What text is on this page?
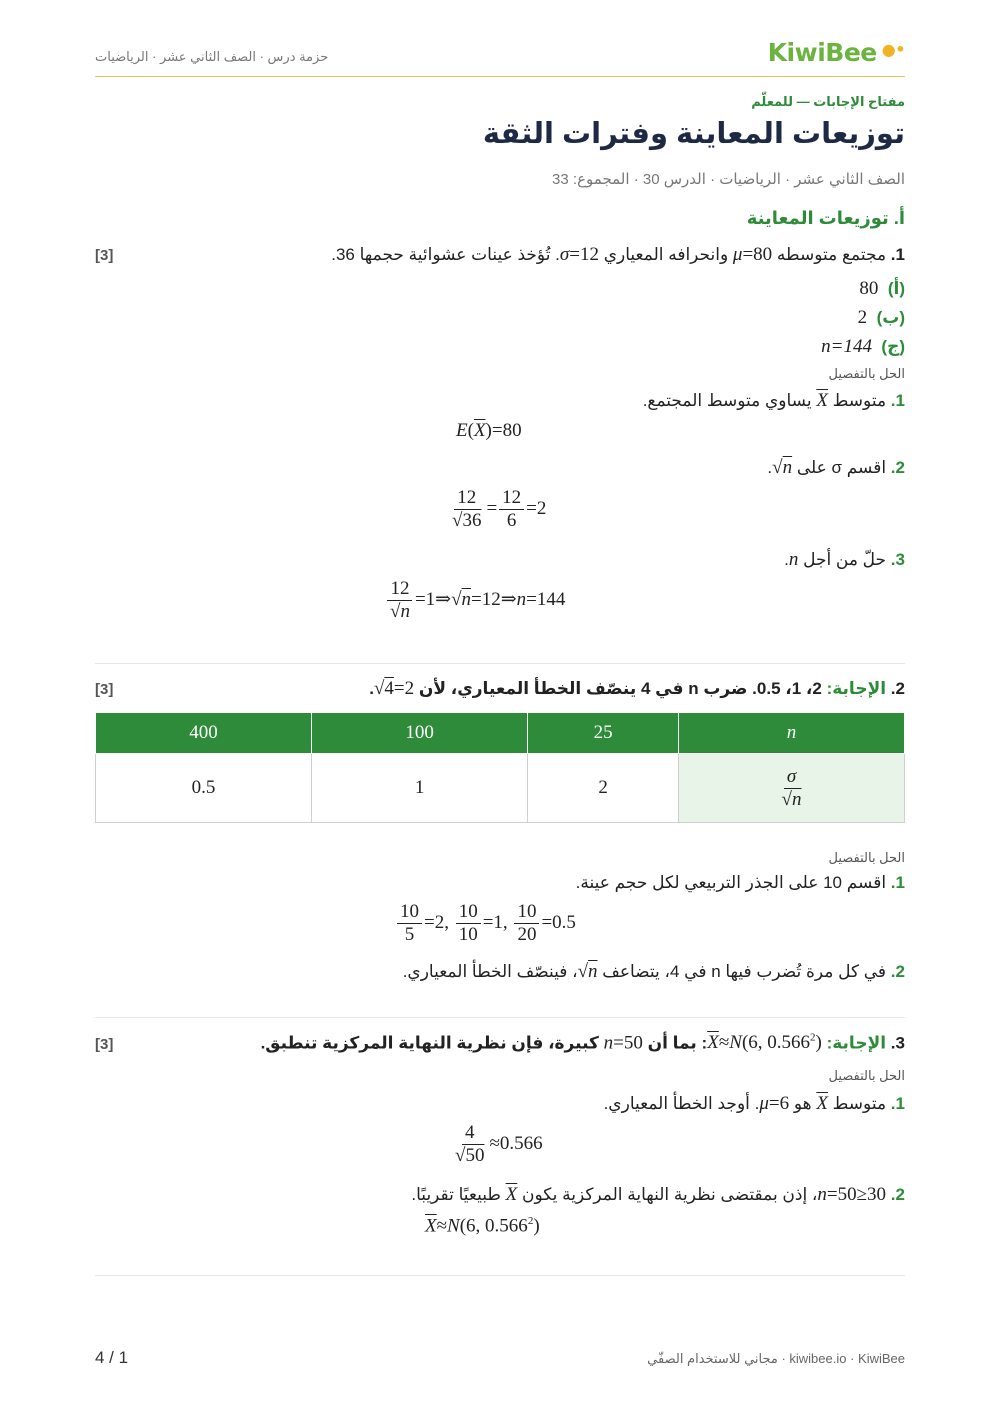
KiwiBee ●•
حزمة درس · الصف الثاني عشر · الرياضيات
مفتاح الإجابات — للمعلّم
توزيعات المعاينة وفترات الثقة
الصف الثاني عشر · الرياضيات · الدرس 30 · المجموع: 33
أ. توزيعات المعاينة
[3]	1. مجتمع متوسطه μ=80 وانحرافه المعياري σ=12. تُؤخذ عينات عشوائية حجمها 36.
(أ)  80
(ب)  2
(ج)  n=144
الحل بالتفصيل
1. متوسط $\overline{X}$ يساوي متوسط المجتمع.
$E(\overline{X})=80$
2. اقسم σ على √n.
$\frac{12}{√36} = \frac{12}{6} =2$
3. حلّ من أجل n.
$\frac{12}{√n}$ =1⇒√n=12⇒n=144
[3]	2. الإجابة: 2، 1، 0.5. ضرب n في 4 ينصّف الخطأ المعياري، لأن √4=2.
400	100	25	n
0.5	1	2	$\frac{\sigma}{√n}$
الحل بالتفصيل
1. اقسم 10 على الجذر التربيعي لكل حجم عينة.
$\frac{10}{5} =2$, $\frac{10}{10} =1$, $\frac{10}{20} =0.5$
2. في كل مرة تُضرب فيها n في 4، يتضاعف √n، فينصّف الخطأ المعياري.
[3]	3. الإجابة: $\overline{X}\approx N(6$, 0.566$^2$): بما أن n=50 كبيرة، فإن نظرية النهاية المركزية تنطبق.
الحل بالتفصيل
1. متوسط $\overline{X}$ هو μ=6. أوجد الخطأ المعياري.
$\frac{4}{√50} \approx 0.566$
2. n=50≥30، إذن بمقتضى نظرية النهاية المركزية يكون $\overline{X}$ طبيعيًا تقريبًا.
$\overline{X}\approx N(6$, 0.566$^2$)
4 / 1	kiwibee.io · KiwiBee · مجاني للاستخدام الصفّي
